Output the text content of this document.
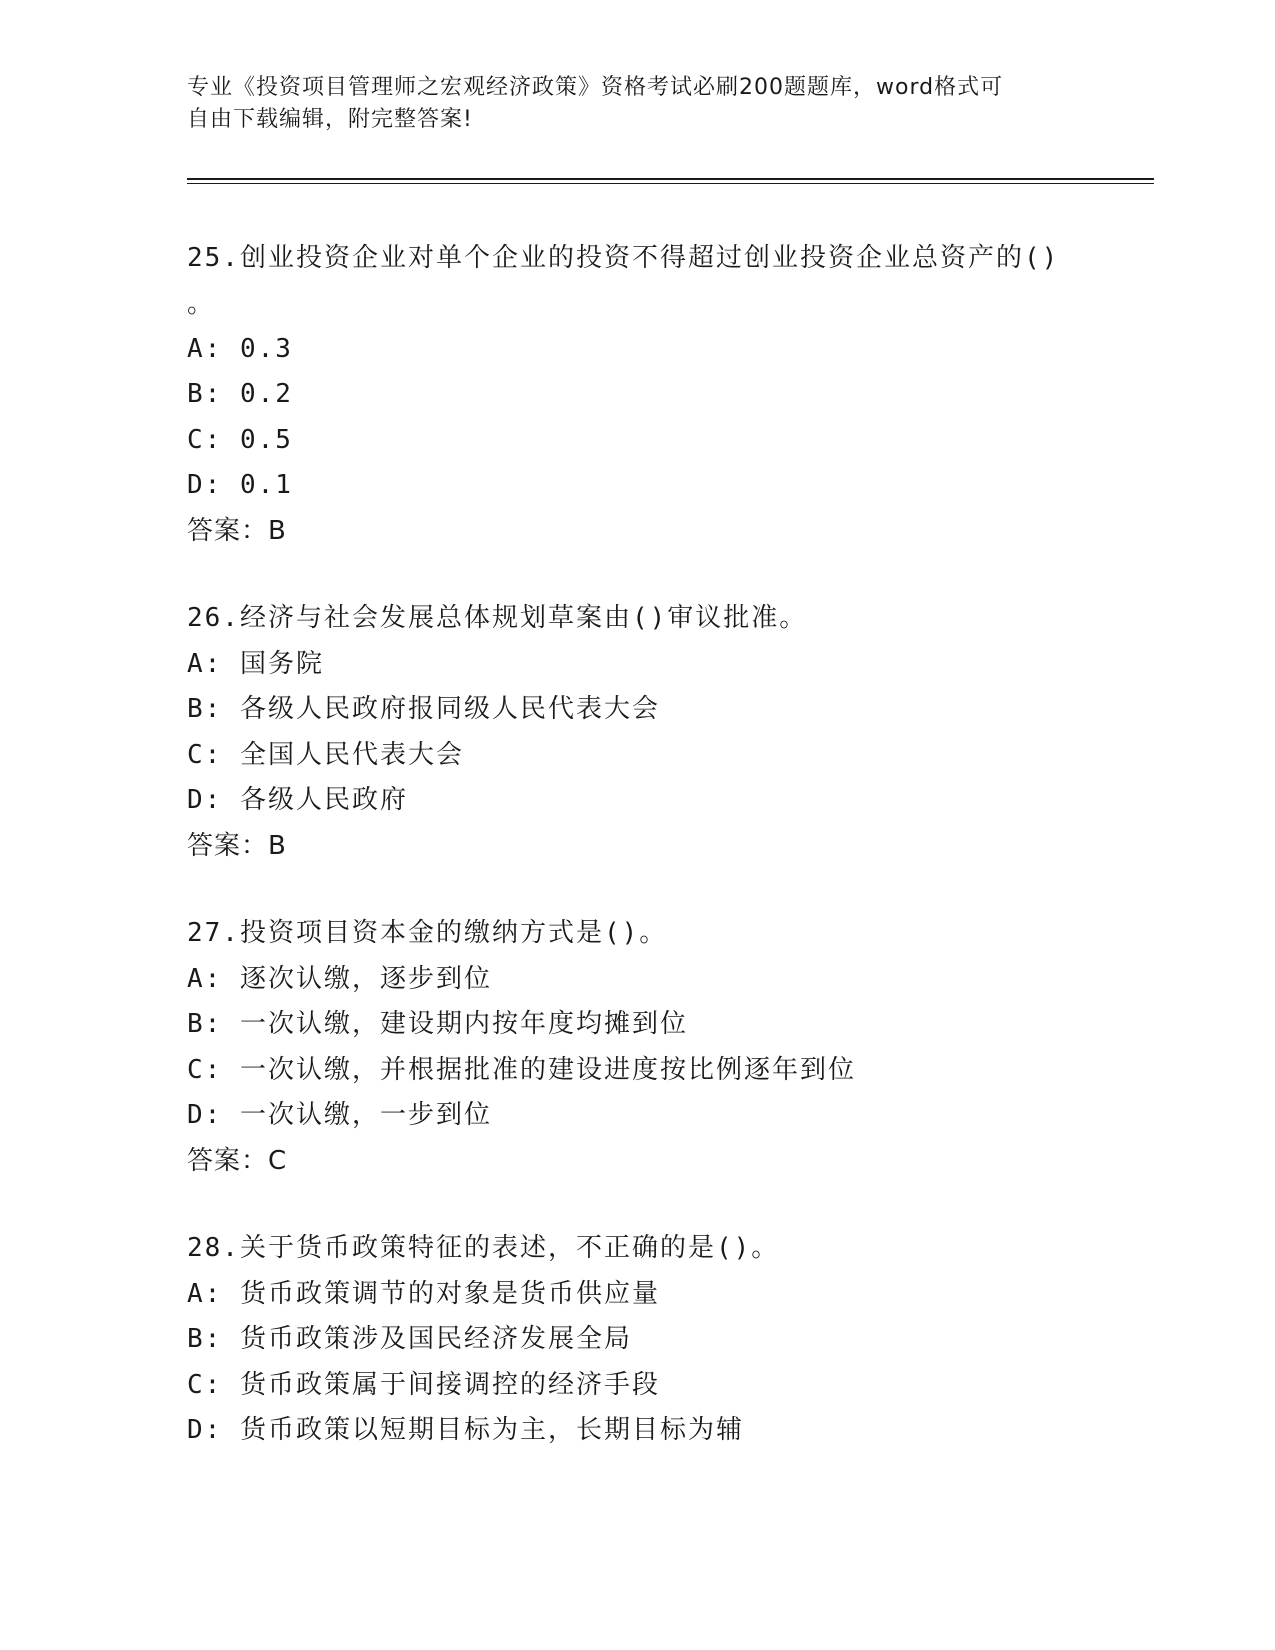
专业《投资项目管理师之宏观经济政策》资格考试必刷200题题库，word格式可
自由下载编辑，附完整答案!

25.创业投资企业对单个企业的投资不得超过创业投资企业总资产的()

。

A: 0.3

B: 0.2

C: 0.5

D: 0.1

答案：B

26.经济与社会发展总体规划草案由()审议批准。

A: 国务院

B: 各级人民政府报同级人民代表大会

C: 全国人民代表大会

D: 各级人民政府

答案：B

27.投资项目资本金的缴纳方式是()。

A: 逐次认缴，逐步到位

B: 一次认缴，建设期内按年度均摊到位

C: 一次认缴，并根据批准的建设进度按比例逐年到位

D: 一次认缴，一步到位

答案：C

28.关于货币政策特征的表述，不正确的是()。

A: 货币政策调节的对象是货币供应量

B: 货币政策涉及国民经济发展全局

C: 货币政策属于间接调控的经济手段

D: 货币政策以短期目标为主，长期目标为辅
